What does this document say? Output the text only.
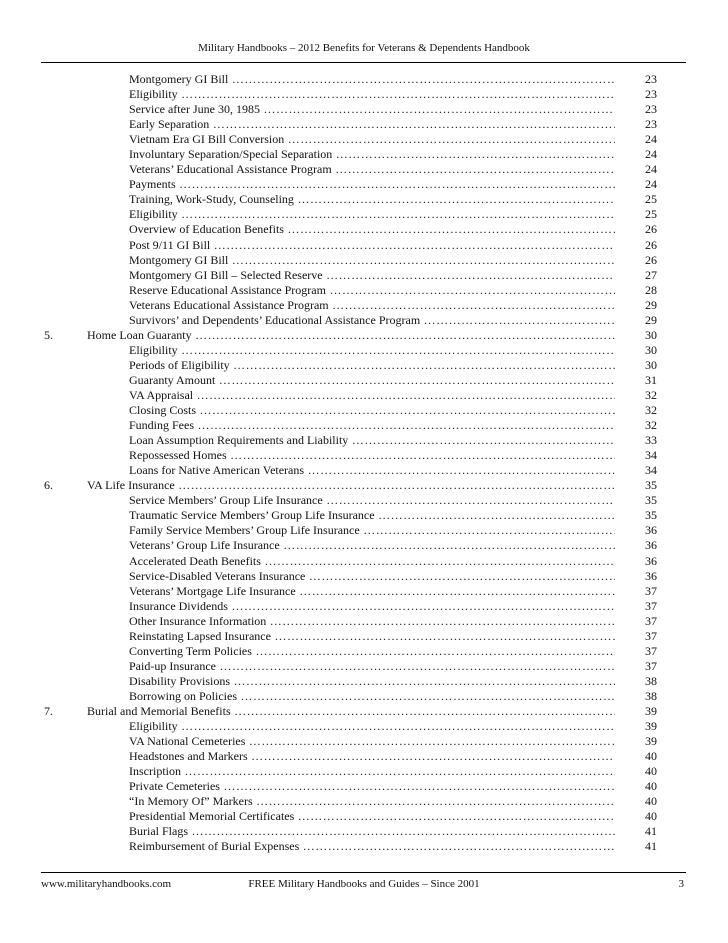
Military Handbooks – 2012 Benefits for Veterans & Dependents Handbook
Montgomery GI Bill ……………………………………………………………………………………………………………………………………………………	23
Eligibility ……………………………………………………………………………………………………………………………………………………	23
Service after June 30, 1985 ……………………………………………………………………………………………………………………………………………………	23
Early Separation ……………………………………………………………………………………………………………………………………………………	23
Vietnam Era GI Bill Conversion ……………………………………………………………………………………………………………………………………………………	24
Involuntary Separation/Special Separation ……………………………………………………………………………………………………………………………………………………	24
Veterans’ Educational Assistance Program ……………………………………………………………………………………………………………………………………………………	24
Payments ……………………………………………………………………………………………………………………………………………………	24
Training, Work-Study, Counseling ……………………………………………………………………………………………………………………………………………………	25
Eligibility ……………………………………………………………………………………………………………………………………………………	25
Overview of Education Benefits ……………………………………………………………………………………………………………………………………………………	26
Post 9/11 GI Bill ……………………………………………………………………………………………………………………………………………………	26
Montgomery GI Bill ……………………………………………………………………………………………………………………………………………………	26
Montgomery GI Bill – Selected Reserve ……………………………………………………………………………………………………………………………………………………	27
Reserve Educational Assistance Program ……………………………………………………………………………………………………………………………………………………	28
Veterans Educational Assistance Program ……………………………………………………………………………………………………………………………………………………	29
Survivors’ and Dependents’ Educational Assistance Program ……………………………………………………………………………………………………………………………………………………	29
5.	Home Loan Guaranty ……………………………………………………………………………………………………………………………………………………	30
Eligibility ……………………………………………………………………………………………………………………………………………………	30
Periods of Eligibility ……………………………………………………………………………………………………………………………………………………	30
Guaranty Amount ……………………………………………………………………………………………………………………………………………………	31
VA Appraisal ……………………………………………………………………………………………………………………………………………………	32
Closing Costs ……………………………………………………………………………………………………………………………………………………	32
Funding Fees ……………………………………………………………………………………………………………………………………………………	32
Loan Assumption Requirements and Liability ……………………………………………………………………………………………………………………………………………………	33
Repossessed Homes ……………………………………………………………………………………………………………………………………………………	34
Loans for Native American Veterans ……………………………………………………………………………………………………………………………………………………	34
6.	VA Life Insurance ……………………………………………………………………………………………………………………………………………………	35
Service Members’ Group Life Insurance ……………………………………………………………………………………………………………………………………………………	35
Traumatic Service Members’ Group Life Insurance ……………………………………………………………………………………………………………………………………………………	35
Family Service Members’ Group Life Insurance ……………………………………………………………………………………………………………………………………………………	36
Veterans’ Group Life Insurance ……………………………………………………………………………………………………………………………………………………	36
Accelerated Death Benefits ……………………………………………………………………………………………………………………………………………………	36
Service-Disabled Veterans Insurance ……………………………………………………………………………………………………………………………………………………	36
Veterans’ Mortgage Life Insurance ……………………………………………………………………………………………………………………………………………………	37
Insurance Dividends ……………………………………………………………………………………………………………………………………………………	37
Other Insurance Information ……………………………………………………………………………………………………………………………………………………	37
Reinstating Lapsed Insurance ……………………………………………………………………………………………………………………………………………………	37
Converting Term Policies ……………………………………………………………………………………………………………………………………………………	37
Paid-up Insurance ……………………………………………………………………………………………………………………………………………………	37
Disability Provisions ……………………………………………………………………………………………………………………………………………………	38
Borrowing on Policies ……………………………………………………………………………………………………………………………………………………	38
7.	Burial and Memorial Benefits ……………………………………………………………………………………………………………………………………………………	39
Eligibility ……………………………………………………………………………………………………………………………………………………	39
VA National Cemeteries ……………………………………………………………………………………………………………………………………………………	39
Headstones and Markers ……………………………………………………………………………………………………………………………………………………	40
Inscription ……………………………………………………………………………………………………………………………………………………	40
Private Cemeteries ……………………………………………………………………………………………………………………………………………………	40
“In Memory Of” Markers ……………………………………………………………………………………………………………………………………………………	40
Presidential Memorial Certificates ……………………………………………………………………………………………………………………………………………………	40
Burial Flags ……………………………………………………………………………………………………………………………………………………	41
Reimbursement of Burial Expenses ……………………………………………………………………………………………………………………………………………………	41
FREE Military Handbooks and Guides – Since 2001
www.militaryhandbooks.com	3
